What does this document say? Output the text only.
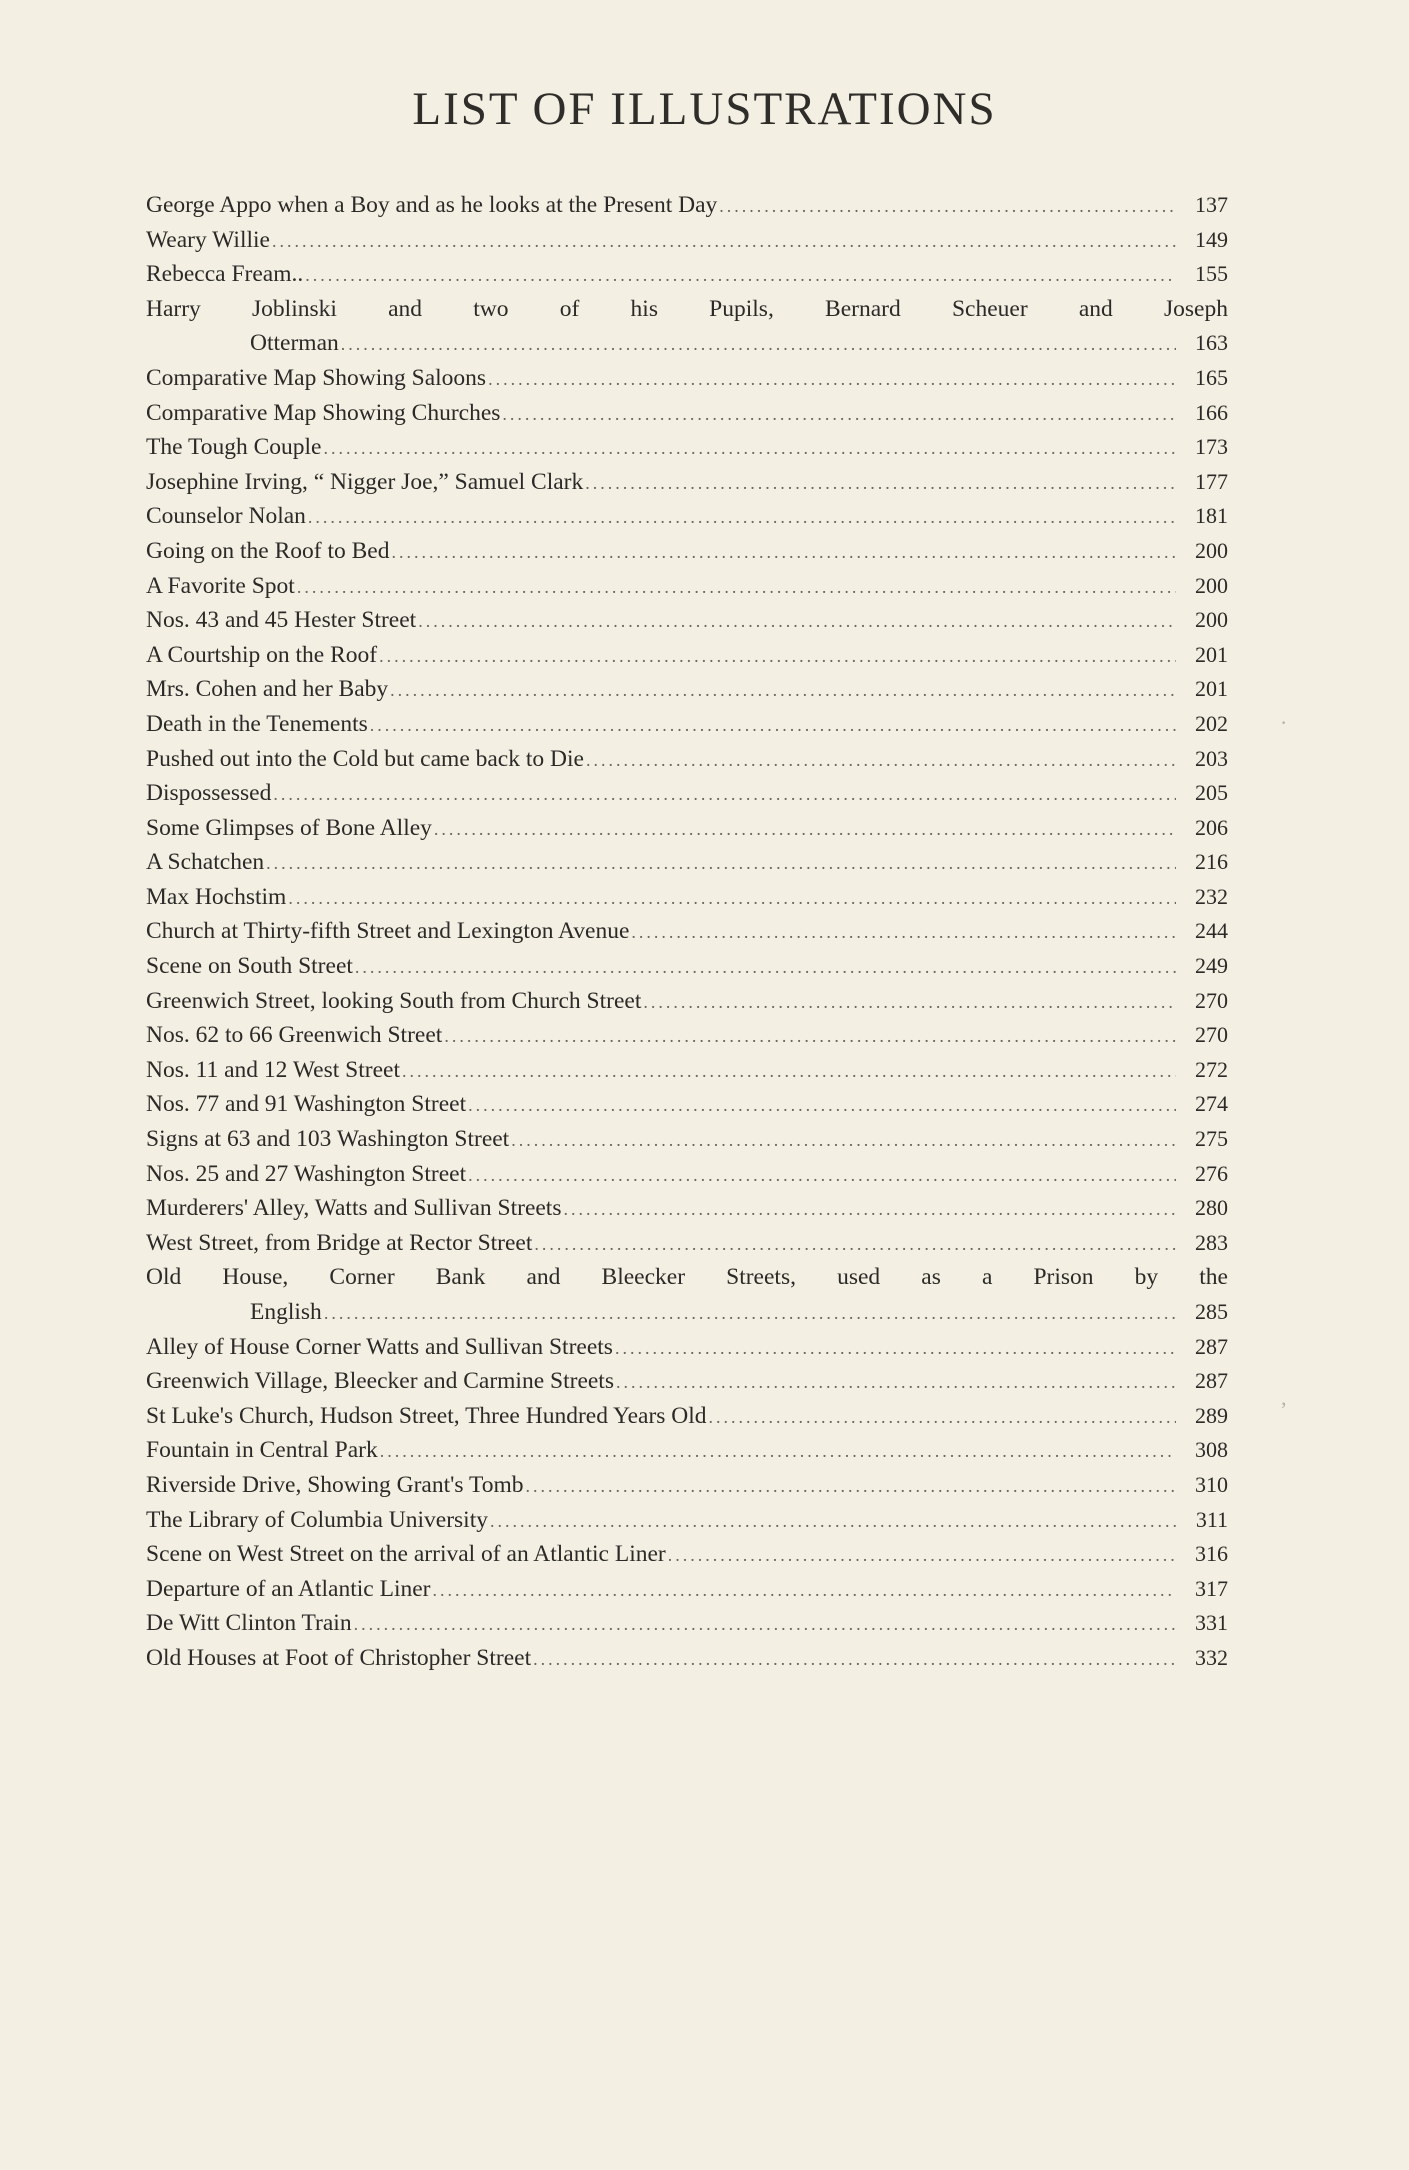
LIST OF ILLUSTRATIONS
George Appo when a Boy and as he looks at the Present Day .....	137
Weary Willie .....	149
Rebecca Fream.. .....	155
Harry Joblinski and two of his Pupils, Bernard Scheuer and Joseph
Otterman .....	163
Comparative Map Showing Saloons .....	165
Comparative Map Showing Churches .....	166
The Tough Couple .....	173
Josephine Irving, “ Nigger Joe,” Samuel Clark .....	177
Counselor Nolan .....	181
Going on the Roof to Bed .....	200
A Favorite Spot .....	200
Nos. 43 and 45 Hester Street .....	200
A Courtship on the Roof .....	201
Mrs. Cohen and her Baby .....	201
Death in the Tenements .....	202
Pushed out into the Cold but came back to Die .....	203
Dispossessed .....	205
Some Glimpses of Bone Alley .....	206
A Schatchen .....	216
Max Hochstim .....	232
Church at Thirty-fifth Street and Lexington Avenue .....	244
Scene on South Street .....	249
Greenwich Street, looking South from Church Street .....	270
Nos. 62 to 66 Greenwich Street .....	270
Nos. 11 and 12 West Street .....	272
Nos. 77 and 91 Washington Street .....	274
Signs at 63 and 103 Washington Street .....	275
Nos. 25 and 27 Washington Street .....	276
Murderers' Alley, Watts and Sullivan Streets .....	280
West Street, from Bridge at Rector Street .....	283
Old House, Corner Bank and Bleecker Streets, used as a Prison by the
English .....	285
Alley of House Corner Watts and Sullivan Streets .....	287
Greenwich Village, Bleecker and Carmine Streets .....	287
St Luke's Church, Hudson Street, Three Hundred Years Old .....	289
Fountain in Central Park .....	308
Riverside Drive, Showing Grant's Tomb .....	310
The Library of Columbia University .....	311
Scene on West Street on the arrival of an Atlantic Liner .....	316
Departure of an Atlantic Liner .....	317
De Witt Clinton Train .....	331
Old Houses at Foot of Christopher Street .....	332
·
‚
